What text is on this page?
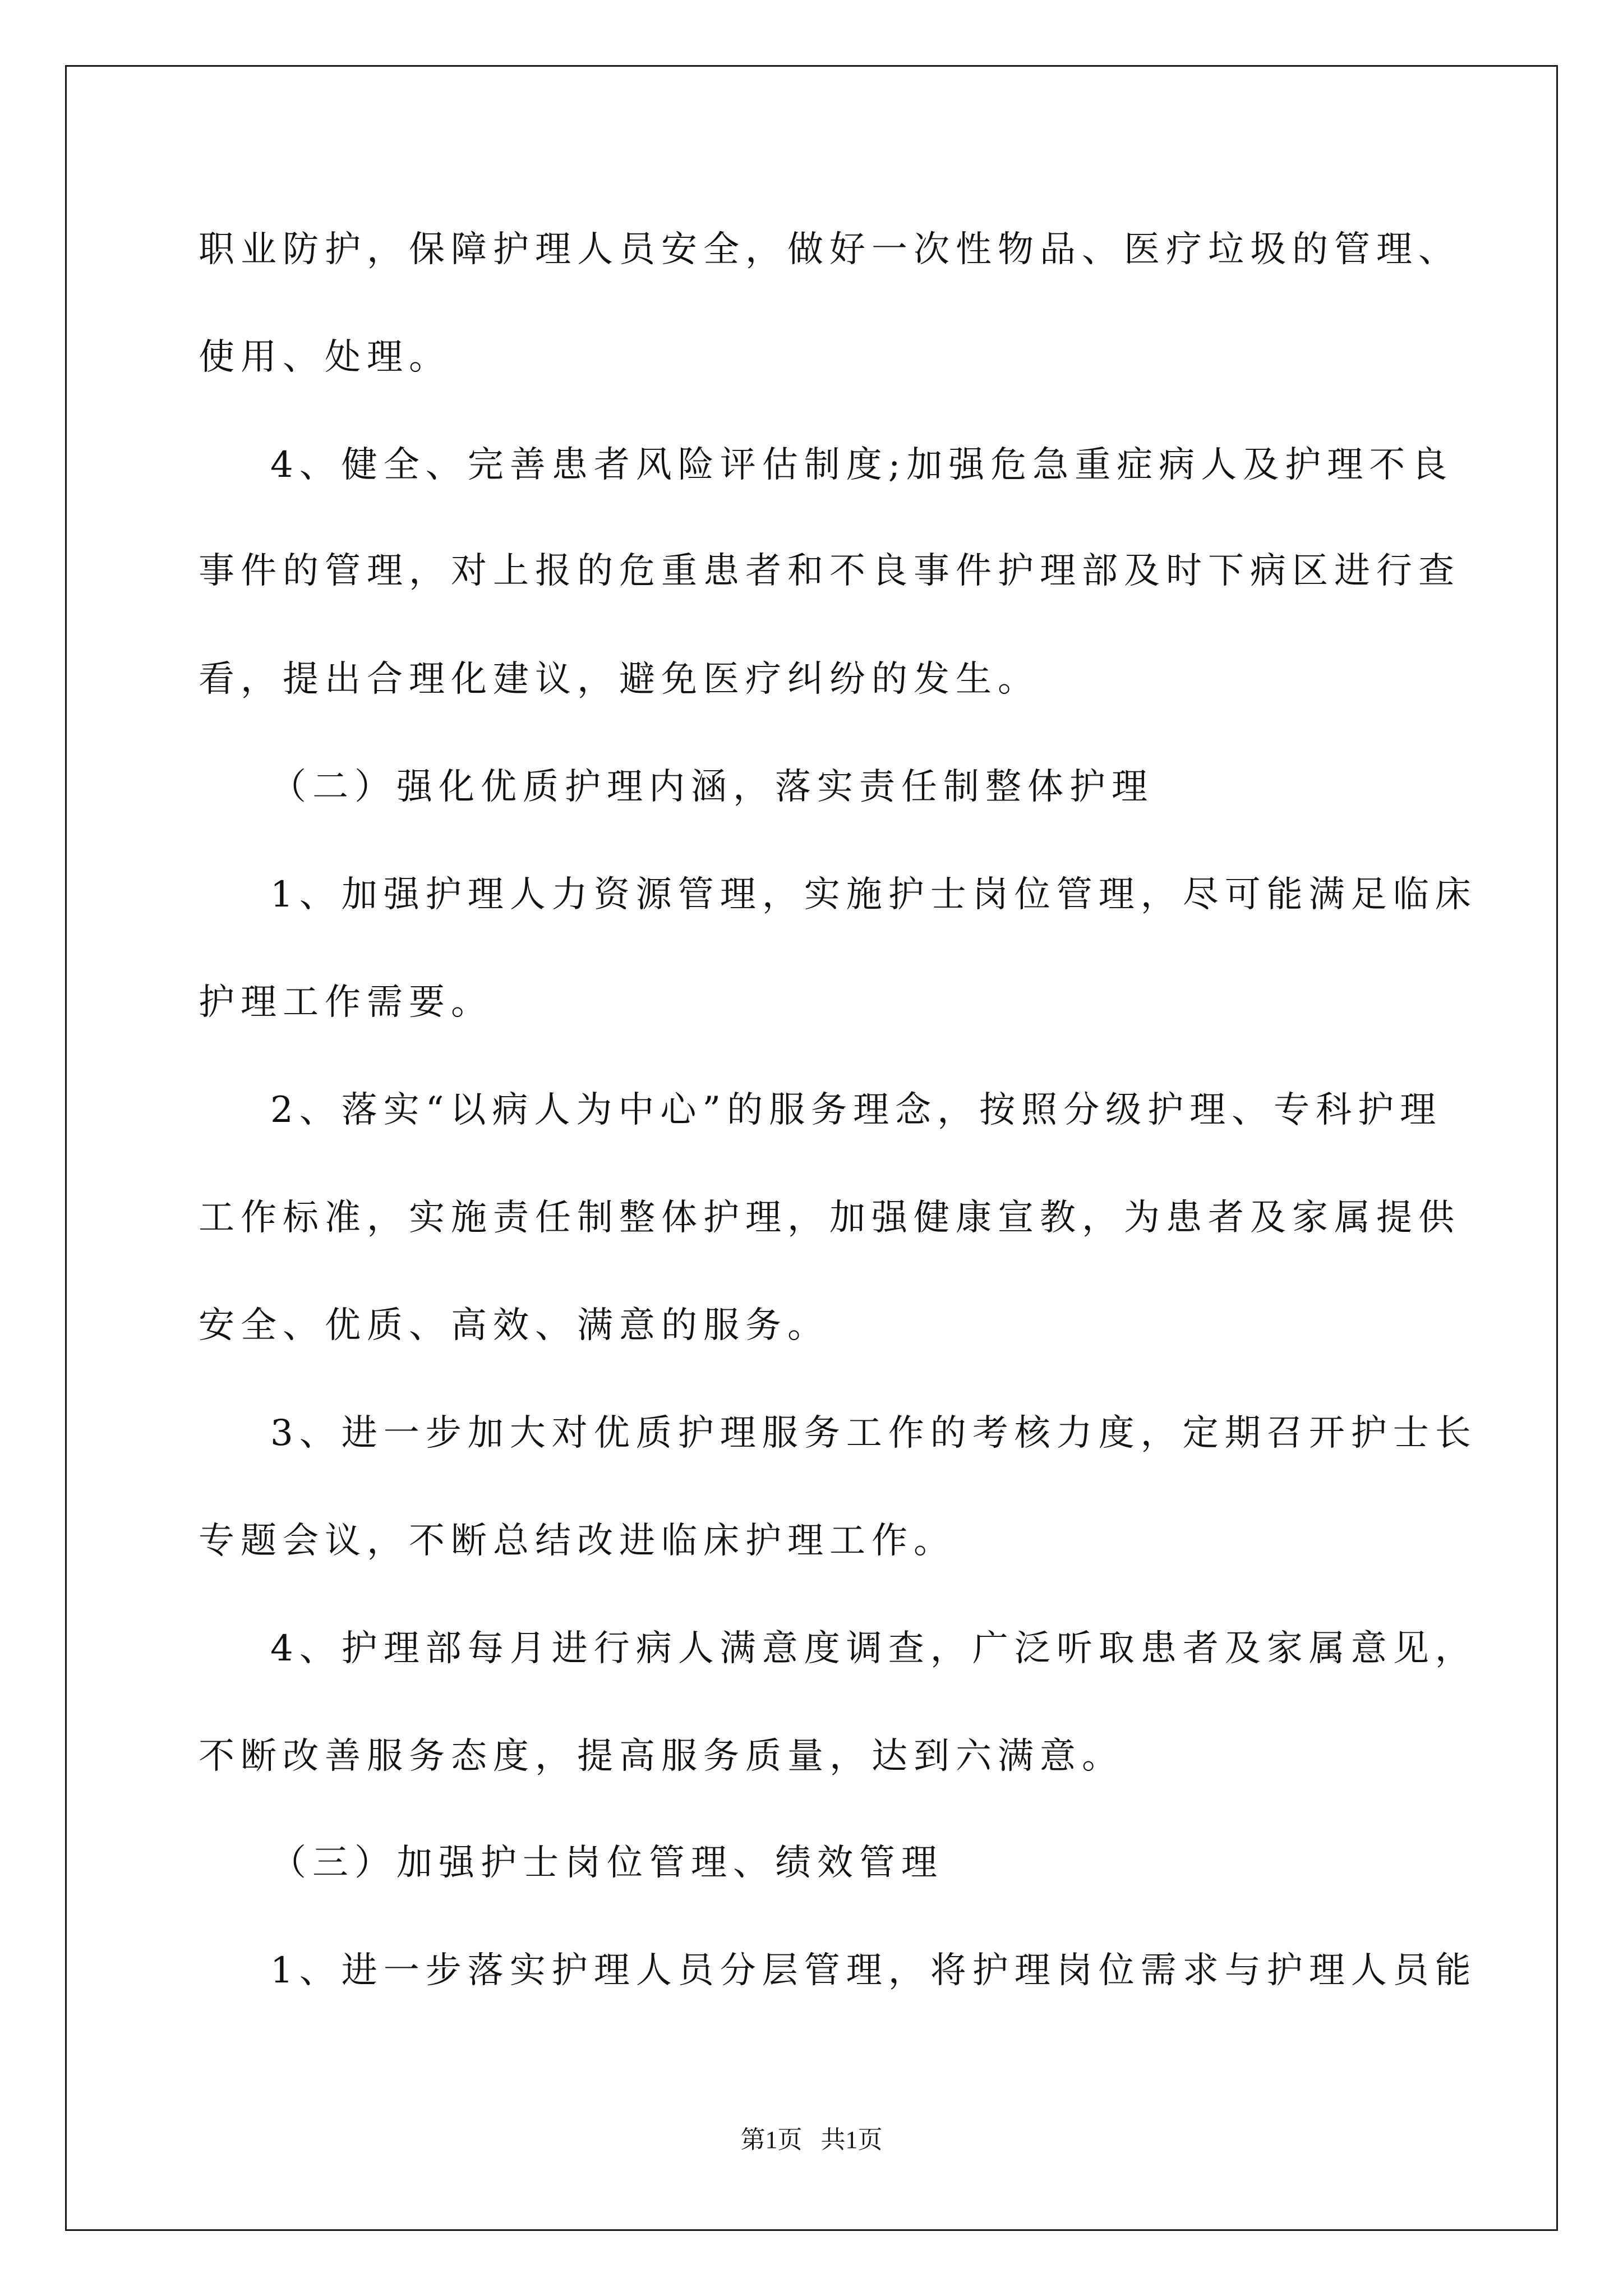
职业防护，保障护理人员安全，做好一次性物品、医疗垃圾的管理、

使用、处理。

4、健全、完善患者风险评估制度;加强危急重症病人及护理不良

事件的管理，对上报的危重患者和不良事件护理部及时下病区进行查

看，提出合理化建议，避免医疗纠纷的发生。

（二）强化优质护理内涵，落实责任制整体护理

1、加强护理人力资源管理，实施护士岗位管理，尽可能满足临床

护理工作需要。

2、落实“以病人为中心”的服务理念，按照分级护理、专科护理

工作标准，实施责任制整体护理，加强健康宣教，为患者及家属提供

安全、优质、高效、满意的服务。

3、进一步加大对优质护理服务工作的考核力度，定期召开护士长

专题会议，不断总结改进临床护理工作。

4、护理部每月进行病人满意度调查，广泛听取患者及家属意见，

不断改善服务态度，提高服务质量，达到六满意。

（三）加强护士岗位管理、绩效管理

1、进一步落实护理人员分层管理，将护理岗位需求与护理人员能

第1页   共1页
